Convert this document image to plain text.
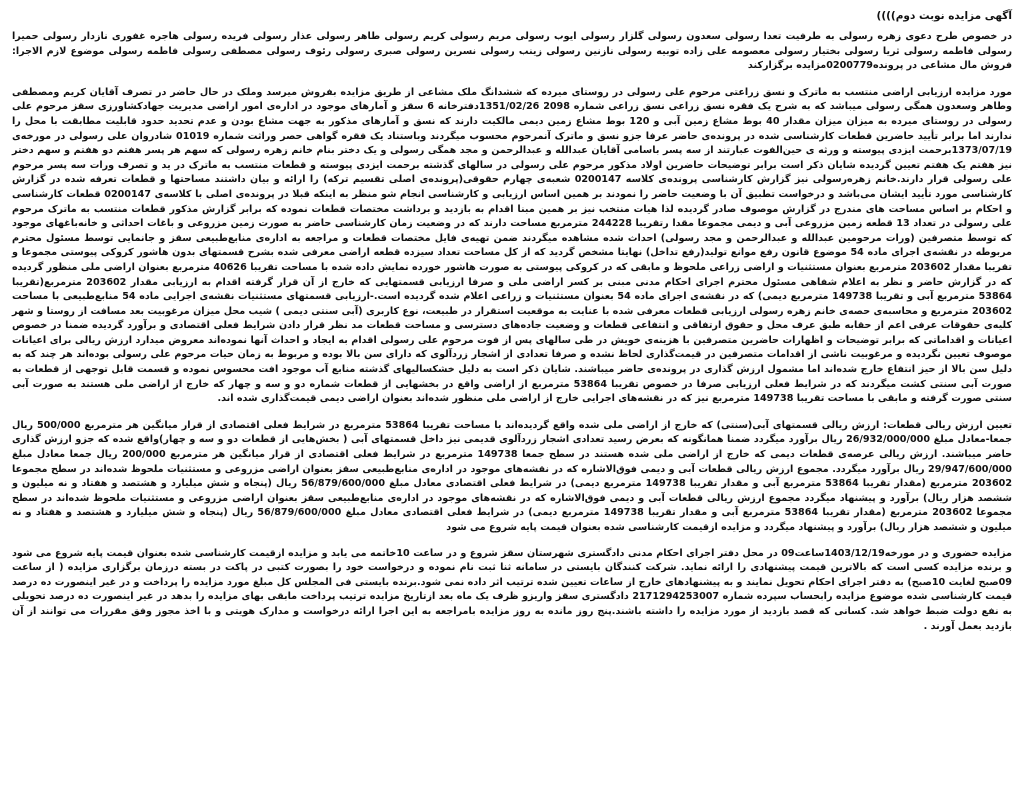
آگهی مزایده نوبت دوم))))

در خصوص طرح دعوی زهره رسولی به طرفیت تعدا رسولی سعدون رسولی گلزار رسولی ایوب رسولی مریم رسولی کریم رسولی طاهر رسولی عذار رسولی فریده رسولی هاجره غفوری نازدار رسولی حمیرا رسولی فاطمه رسولی ثریا رسولی بختیار رسولی معصومه علی زاده توبیه رسولی نازنین رسولی زینب رسولی نسرین رسولی صبری رسولی رئوف رسولی مصطفی رسولی فاطمه رسولی موضوع لازم الاجرا: فروش مال مشاعی در پرونده0200779مزایده برگزارکند

مورد مزایده ارزیابی اراضی منتسب به ماترک و نسق زراعتی مرحوم علی رسولی در روستای میرده که ششدانگ ملک مشاعی از طریق مزایده بفروش میرسد وملک در حال حاضر در تصرف آقایان کریم ومصطفی وطاهر وسعدون همگی رسولی میباشد که به شرح یک فقره نسق زراعی نسق زراعی شماره 2098 1351/02/26دفترخانه 6 سقز و آمارهای موجود در اداره‌ی امور اراضی مدیریت جهادکشاورزی سقز مرحوم علی رسولی در روستای میرده به میزان میزان مقدار 40 بوط مشاع زمین آبی و 120 بوط مشاع زمین دیمی مالکیت دارند که نسق و آمارهای مذکور به جهت مشاع بودن و عدم تحدید حدود قابلیت مطابقت با محل را ندارند اما برابر تأیید حاضرین قطعات کارشناسی شده در پرونده‌ی حاضر عرفا جزو نسق و ماترک آنمرحوم محسوب میگردند وبا‌ستناد یک فقره گواهی حصر وراثت شماره 01019 شادروان علی رسولی در مورخه‌ی 1373/07/19برحمت ایزدی پیوسته و ورثه ی حین‌الفوت عبارتند از سه پسر باسامی آقایان عبدالله و عبدالرحمن و مجد همگی رسولی و یک دختر بنام خانم زهره رسولی که سهم هر پسر هفتم دو هفتم و سهم دختر نیز هفتم یک هفتم تعیین گردیده شایان ذکر است برابر توضیحات حاضرین اولاد مذکور مرحوم علی رسولی در سالهای گذشته برحمت ایزدی پیوسته و قطعات منتسب به ماترک در ید و تصرف ورات سه پسر مرحوم علی رسولی قرار دارند.خانم زهره‌رسولی نیز گزارش کارشناسی پرونده‌ی کلاسه 0200147 شعبه‌ی چهارم حقوقی(پرونده‌ی اصلی تقسیم ترکه) را ارائه و بیان داشتند مساحتها و قطعات تعرفه شده در گزارش کارشناسی مورد تأیید ایشان می‌باشد و درخواست تطبیق آن با وضعیت حاضر را نمودند بر همین اساس ارزیابی و کارشناسی انجام شو منظر به اینکه قبلا در پرونده‌ی اصلی با کلاسه‌ی 0200147 قطعات کارشناسی و احکام بر اساس مساحت های مندرج در گزارش موصوف صادر گردیده لذا هیات منتخب نیز بر همین مبنا اقدام به بازدید و برداشت مختصات قطعات نموده که برابر گزارش مذکور قطعات منتسب به ماترک مرحوم علی رسولی در تعداد 13 قطعه زمین مزروعی آبی و دیمی مجموعا مقدا رتقریبا 244228 مترمربع مساحت دارند که در وضعیت زمان کارشناسی حاضر به صورت زمین مزروعی و باغات احداثی و خانه‌باغهای موجود که توسط متصرفین (ورات مرحومین عبدالله و عبدالرحمن و مجد رسولی) احداث شده مشاهده میگردند ضمن تهیه‌ی فایل مختصات قطعات و مراجعه به اداره‌ی منابع‌طبیعی سقز و جانمایی توسط مسئول محترم مربوطه در نقشه‌ی اجرای ماده 54 موضوع قانون رفع موانع تولید(رفع تداخل) نهایتا مشخص گردید که از کل مساحت تعداد سیزده قطعه اراضی معرفی شده بشرح قسمتهای بدون هاشور کروکی پیوستی مجموعا و تقریبا مقدار 203602 مترمربع بعنوان مستثنیات و اراضی زراعی ملحوظ و مابقی که در کروکی پیوستی به صورت هاشور خورده نمایش داده شده با مساحت تقریبا 40626 مترمربع بعنوان اراضی ملی منظور گردیده که در گزارش حاضر و نظر به اعلام شفاهی مسئول محترم اجرای احکام مدنی مبنی بر کسر اراضی ملی و صرفا ارزیابی قسمتهایی که خارج از آن قرار گرفته اقدام به ارزیابی مقدار 203602 مترمربع(تقریبا 53864 مترمربع آبی و تقریبا 149738 مترمربع دیمی) که در نقشه‌ی اجرای ماده 54 بعنوان مستثنیات و زراعی اعلام شده گردیده است.-ارزیابی قسمتهای مستثنیات نقشه‌ی اجرایی ماده 54 منابع‌طبیعی با مساحت 203602 مترمربع و محاسبه‌ی حصه‌ی خانم زهره رسولی ارزیابی قطعات معرفی شده با عنایت به موقعیت استقرار در طبیعت، نوع کاربری (آبی سنتی دیمی ) شیب محل میزان مرغوبیت بعد مسافت از روستا و شهر کلیه‌ی حقوقات عرفی اعم از حقابه طبق عرف محل و حقوق ارتفاقی و انتفاعی قطعات و وضعیت جاده‌های دسترسی و مساحت قطعات مد نظر قرار دادن شرایط فعلی اقتصادی و برآورد گردیده ضمنا در خصوص اعیانات و اقداماتی که برابر توضیحات و اظهارات حاضرین متصرفین با هزینه‌ی خویش در طی سالهای پس از فوت مرحوم علی رسولی اقدام به ایجاد و احداث آنها نموده‌اند معروض میدارد ارزش ریالی برای اعیانات موصوف تعیین نگردیده و مرغوبیت ناشی از اقدامات متصرفین در قیمت‌گذاری لحاظ نشده و صرفا تعدادی از اشجار زردآلوی که دارای سن بالا بوده و مربوط به زمان حیات مرحوم علی رسولی بوده‌اند هر چند که به دلیل سن بالا از حیز انتفاع خارج شده‌اند اما مشمول ارزش گذاری در پرونده‌ی حاضر میباشند. شایان ذکر است به دلیل خشکسالیهای گذشته منابع آب موجود افت محسوس نموده و قسمت قابل توجهی از قطعات به صورت آبی سنتی کشت میگردند که در شرایط فعلی ارزیابی صرفا در خصوص تقریبا 53864 مترمربع از اراضی واقع در بخشهایی از قطعات شماره دو و سه و چهار که خارج از اراضی ملی هستند به صورت آبی سنتی صورت گرفته و مابقی با مساحت تقریبا 149738 مترمربع نیز که در نقشه‌های اجرایی خارج از اراضی ملی منظور شده‌اند بعنوان اراضی دیمی قیمت‌گذاری شده اند.

تعیین ارزش ریالی قطعات: ارزش ریالی قسمتهای آبی(سنتی) که خارج از اراضی ملی شده واقع گردیده‌اند با مساحت تقریبا 53864 مترمربع در شرایط فعلی اقتصادی از قرار میانگین هر مترمربع 500/000 ریال جمعا-معادل مبلغ 26/932/000/000 ریال برآورد میگردد ضمنا همانگونه که بعرض رسید تعدادی اشجار زردآلوی قدیمی نیز داخل قسمتهای آبی ( بخش‌هایی از قطعات دو و سه و چهار)واقع شده که جزو ارزش گذاری حاضر میباشند. ارزش ریالی عرصه‌ی قطعات دیمی که خارج از اراضی ملی شده هستند در سطح جمعا 149738 مترمربع در شرایط فعلی اقتصادی از قرار میانگین هر مترمربع 200/000 ریال جمعا معادل مبلغ 29/947/600/000 ریال برآورد میگردد. مجموع ارزش ریالی قطعات آبی و دیمی فوق‌الاشاره که در نقشه‌های موجود در اداره‌ی منابع‌طبیعی سقز بعنوان اراضی مزروعی و مستثنیات ملحوظ شده‌اند در سطح مجموعا 203602 مترمربع (مقدار تقریبا 53864 مترمربع آبی و مقدار تقریبا 149738 مترمربع دیمی) در شرایط فعلی اقتصادی معادل مبلغ 56/879/600/000 ریال (پنجاه و شش میلیارد و هشتصد و هفتاد و نه میلیون و ششصد هزار ریال) برآورد و پیشنهاد میگردد مجموع ارزش ریالی قطعات آبی و دیمی فوق‌الاشاره که در نقشه‌های موجود در اداره‌ی منابع‌طبیعی سقز بعنوان اراضی مزروعی و مستثنیات ملحوظ شده‌اند در سطح مجموعا 203602 مترمربع (مقدار تقریبا 53864 مترمربع آبی و مقدار تقریبا 149738 مترمربع دیمی) در شرایط فعلی اقتصادی معادل مبلغ 56/879/600/000 ریال (پنجاه و شش میلیارد و هشتصد و هفتاد و نه میلیون و ششصد هزار ریال) برآورد و پیشنهاد میگردد و مزایده ازقیمت کارشناسی شده بعنوان قیمت پایه شروع می شود

مزایده حضوری و در مورخه1403/12/19ساعت09 در محل دفتر اجرای احکام مدنی دادگستری شهرستان سقز شروع و در ساعت 10خاتمه می یابد و مزایده ازقیمت کارشناسی شده بعنوان قیمت پایه شروع می شود و برنده مزایده کسی است که بالاترین قیمت پیشنهادی را ارائه نماید. شرکت کنندگان بایستی در سامانه ثنا ثبت نام نموده و درخواست خود را بصورت کتبی در پاکت در بسته درزمان برگزاری مزایده ( از ساعت 09صبح لغایت 10صبح) به دفتر اجرای احکام تحویل نمایند و به پیشنهادهای خارج از ساعات تعیین شده ترتیب اثر داده نمی شود.برنده بایستی فی المجلس کل مبلغ مورد مزایده را پرداخت و در غیر اینصورت ده درصد قیمت کارشناسی شده موضوع مزایده رابحساب سپرده شماره 2171294253007 دادگستری سقز واریزو ظرف یک ماه بعد ازتاریخ مزایده ترتیب پرداخت مابقی بهای مزایده را بدهد در غیر اینصورت ده درصد تحویلی به نفع دولت ضبط خواهد شد. کسانی که قصد بازدید از مورد مزایده را داشته باشند.پنج روز مانده به روز مزایده بامراجعه به این اجرا ارائه درخواست و مدارک هویتی و با اخذ مجوز وفق مقررات می توانند از آن بازدید بعمل آورند .
